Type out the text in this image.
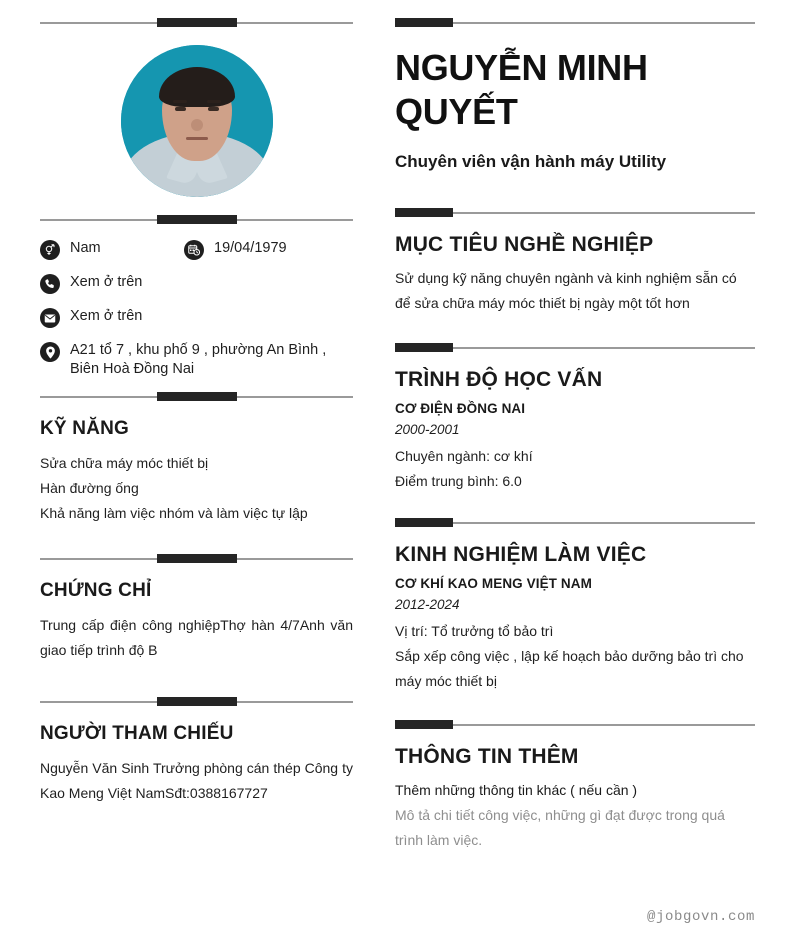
Nam	19/04/1979
Xem ở trên
Xem ở trên
A21 tổ 7 , khu phố 9 , phường An Bình , Biên Hoà Đồng Nai
KỸ NĂNG

Sửa chữa máy móc thiết bị

Hàn đường ống

Khả năng làm việc nhóm và làm việc tự lập

CHỨNG CHỈ

Trung cấp điện công nghiệpThợ hàn 4/7Anh văn giao tiếp trình độ B

NGƯỜI THAM CHIẾU

Nguyễn Văn Sinh Trưởng phòng cán thép Công ty Kao Meng Việt NamSđt:0388167727

NGUYỄN MINH QUYẾT

Chuyên viên vận hành máy Utility

MỤC TIÊU NGHỀ NGHIỆP

Sử dụng kỹ năng chuyên ngành và kinh nghiệm sẵn có để sửa chữa máy móc thiết bị ngày một tốt hơn

TRÌNH ĐỘ HỌC VẤN

CƠ ĐIỆN ĐỒNG NAI

2000-2001

Chuyên ngành: cơ khí

Điểm trung bình: 6.0

KINH NGHIỆM LÀM VIỆC

CƠ KHÍ KAO MENG VIỆT NAM

2012-2024

Vị trí: Tổ trưởng tổ bảo trì

Sắp xếp công việc , lập kế hoạch bảo dưỡng bảo trì cho máy móc thiết bị

THÔNG TIN THÊM

Thêm những thông tin khác ( nếu cần )

Mô tả chi tiết công việc, những gì đạt được trong quá trình làm việc.

@jobgovn.com
